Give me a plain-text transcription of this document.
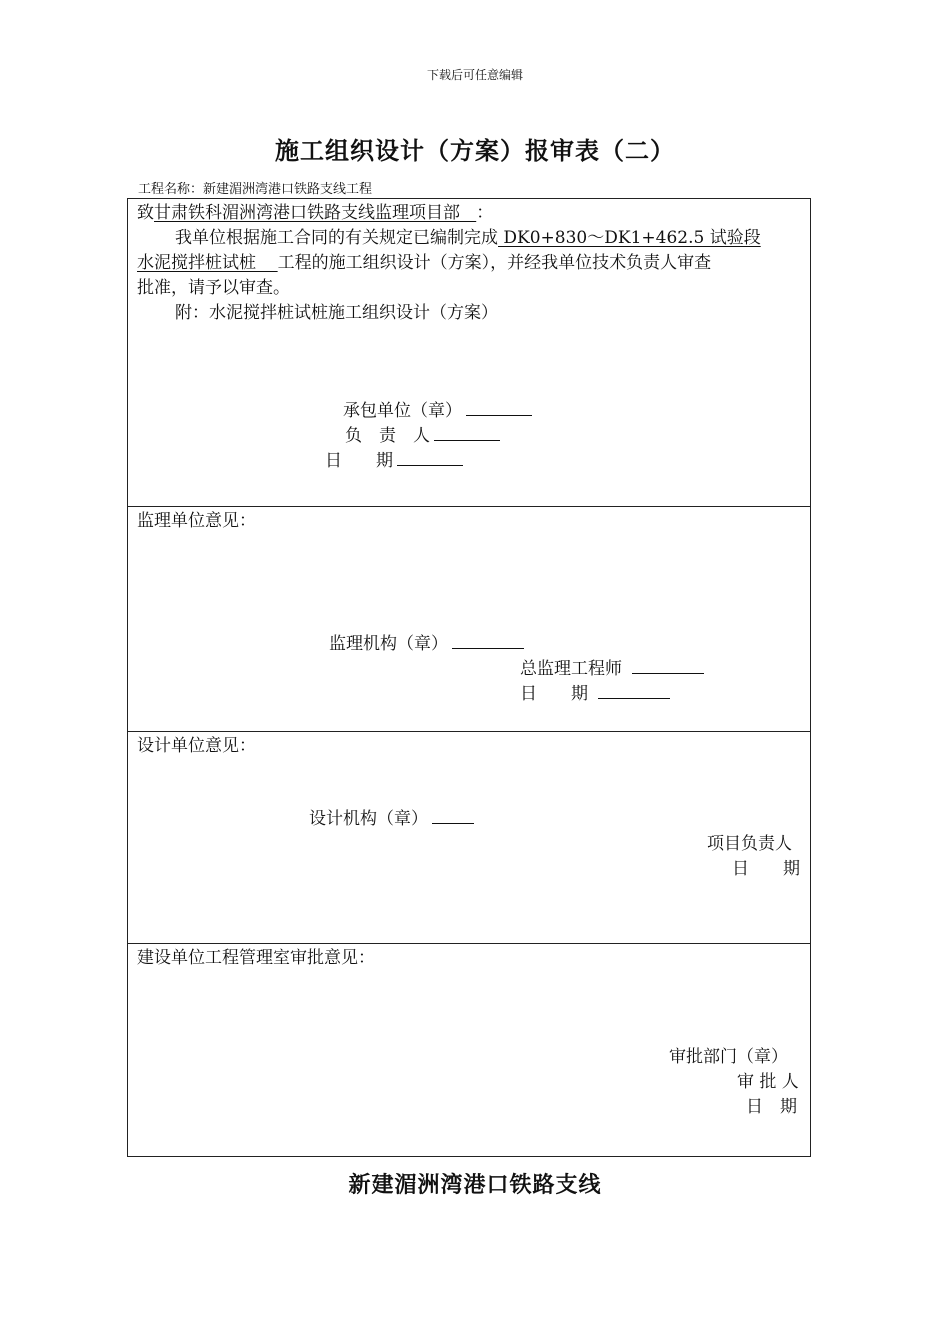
下载后可任意编辑
施工组织设计（方案）报审表（二）
工程名称：新建湄洲湾港口铁路支线工程
致甘肃铁科湄洲湾港口铁路支线监理项目部 ：
我单位根据施工合同的有关规定已编制完成 DK0+830～DK1+462.5 试验段
水泥搅拌桩试桩 工程的施工组织设计（方案），并经我单位技术负责人审查
批准，请予以审查。
附：水泥搅拌桩试桩施工组织设计（方案）
承包单位（章）
负　责　人
日　　期
监理单位意见：
监理机构（章）
总监理工程师
日　　期
设计单位意见：
设计机构（章）
项目负责人
日　　期
建设单位工程管理室审批意见：
审批部门（章）
审 批 人
日　期
新建湄洲湾港口铁路支线
